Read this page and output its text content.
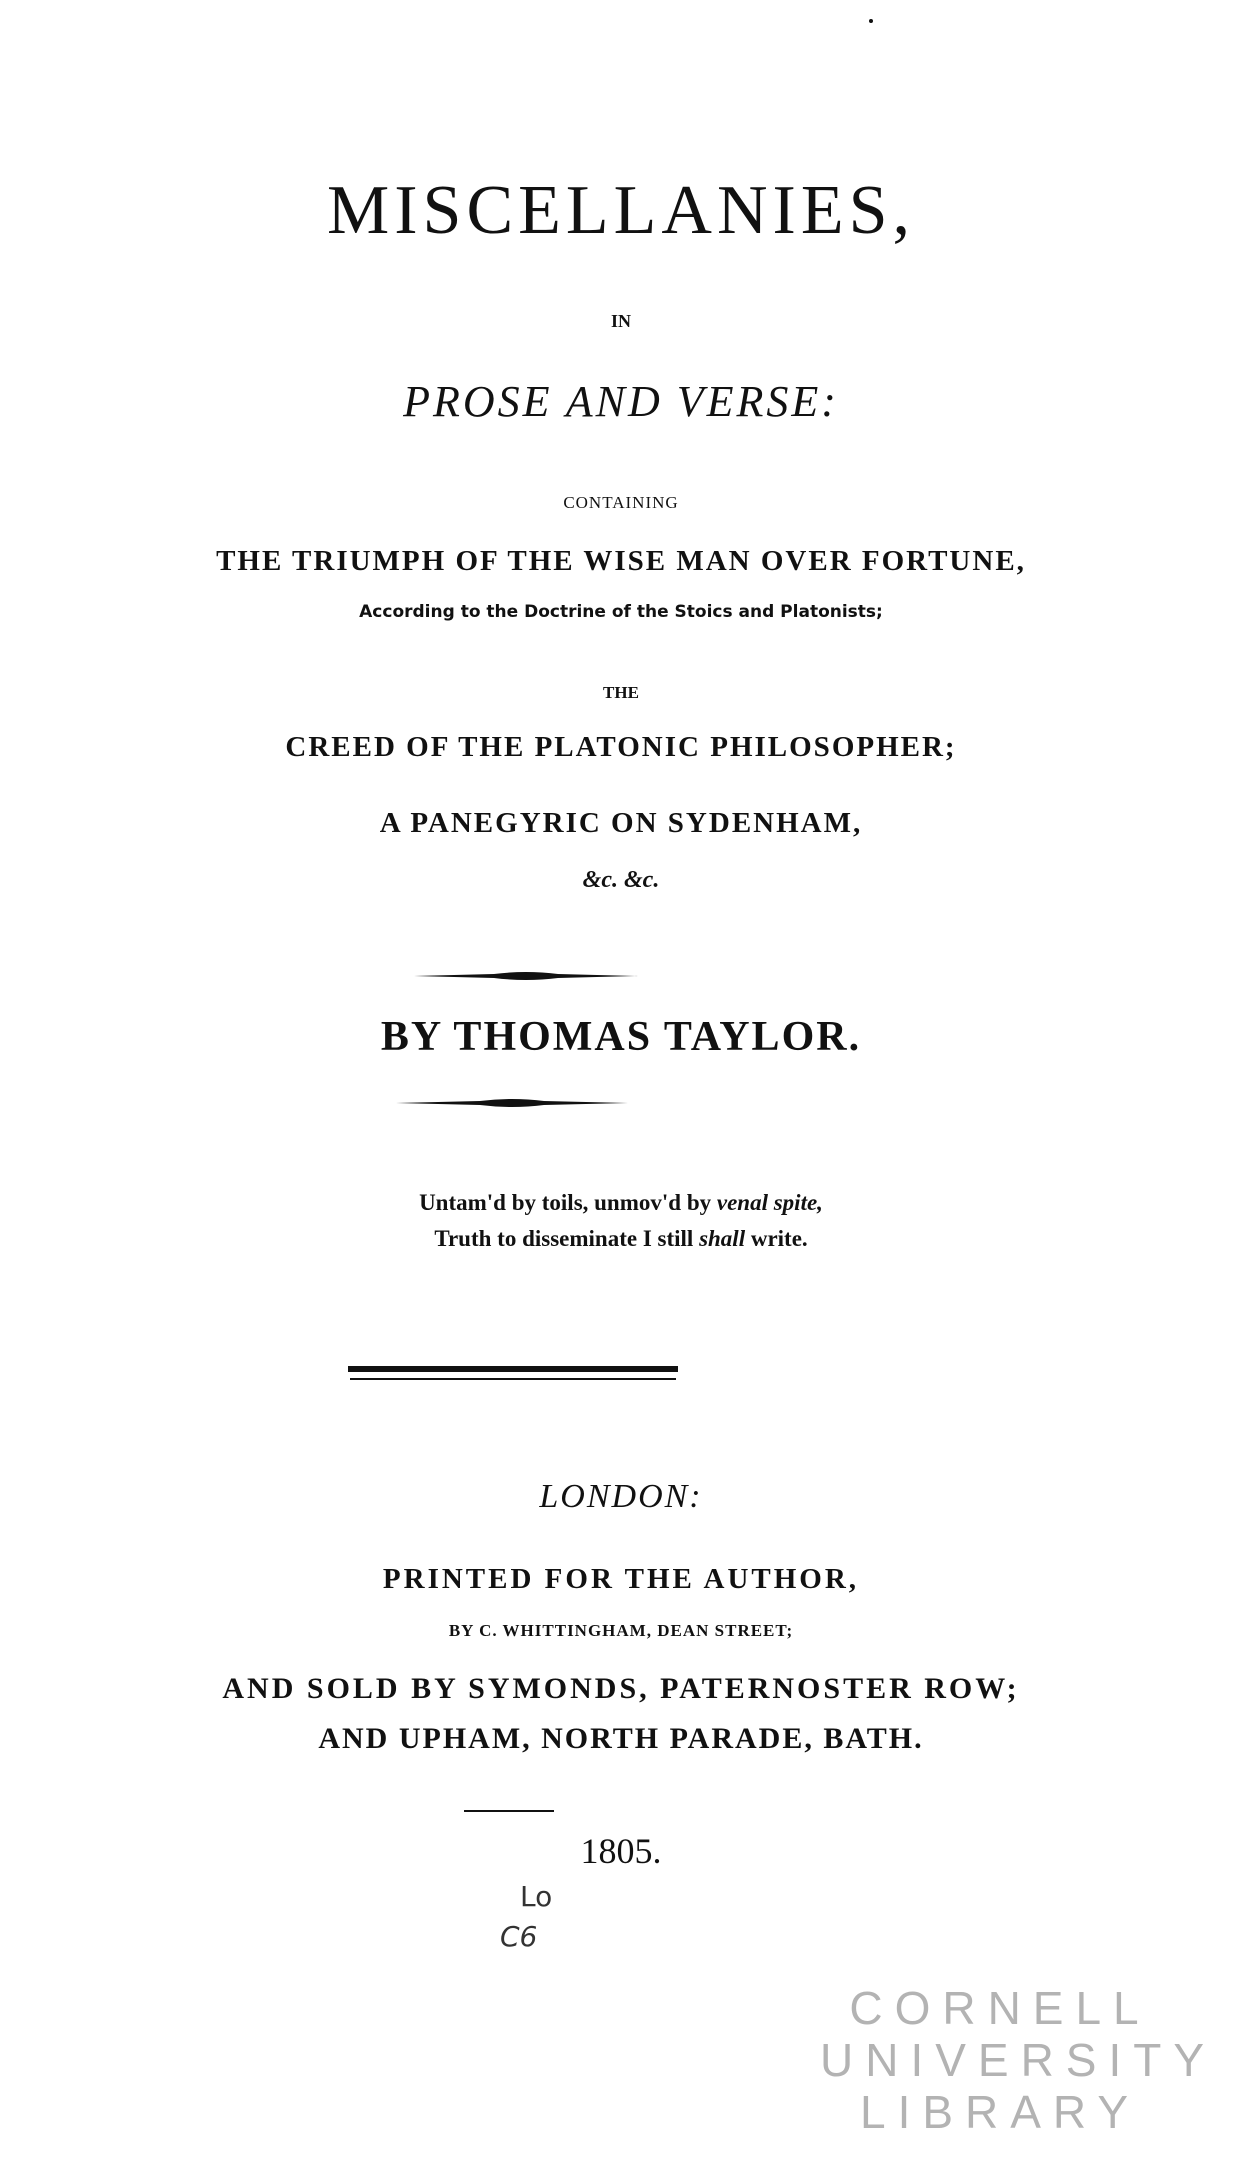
MISCELLANIES,
IN
PROSE AND VERSE:
CONTAINING
THE TRIUMPH OF THE WISE MAN OVER FORTUNE,
According to the Doctrine of the Stoics and Platonists;
THE
CREED OF THE PLATONIC PHILOSOPHER;
A PANEGYRIC ON SYDENHAM,
&c. &c.
BY THOMAS TAYLOR.
Untam'd by toils, unmov'd by venal spite,
Truth to disseminate I still shall write.
LONDON:
PRINTED FOR THE AUTHOR,
BY C. WHITTINGHAM, DEAN STREET;
AND SOLD BY SYMONDS, PATERNOSTER ROW;
AND UPHAM, NORTH PARADE, BATH.
1805.
Lo
C6
CORNELL
UNIVERSITY
LIBRARY
